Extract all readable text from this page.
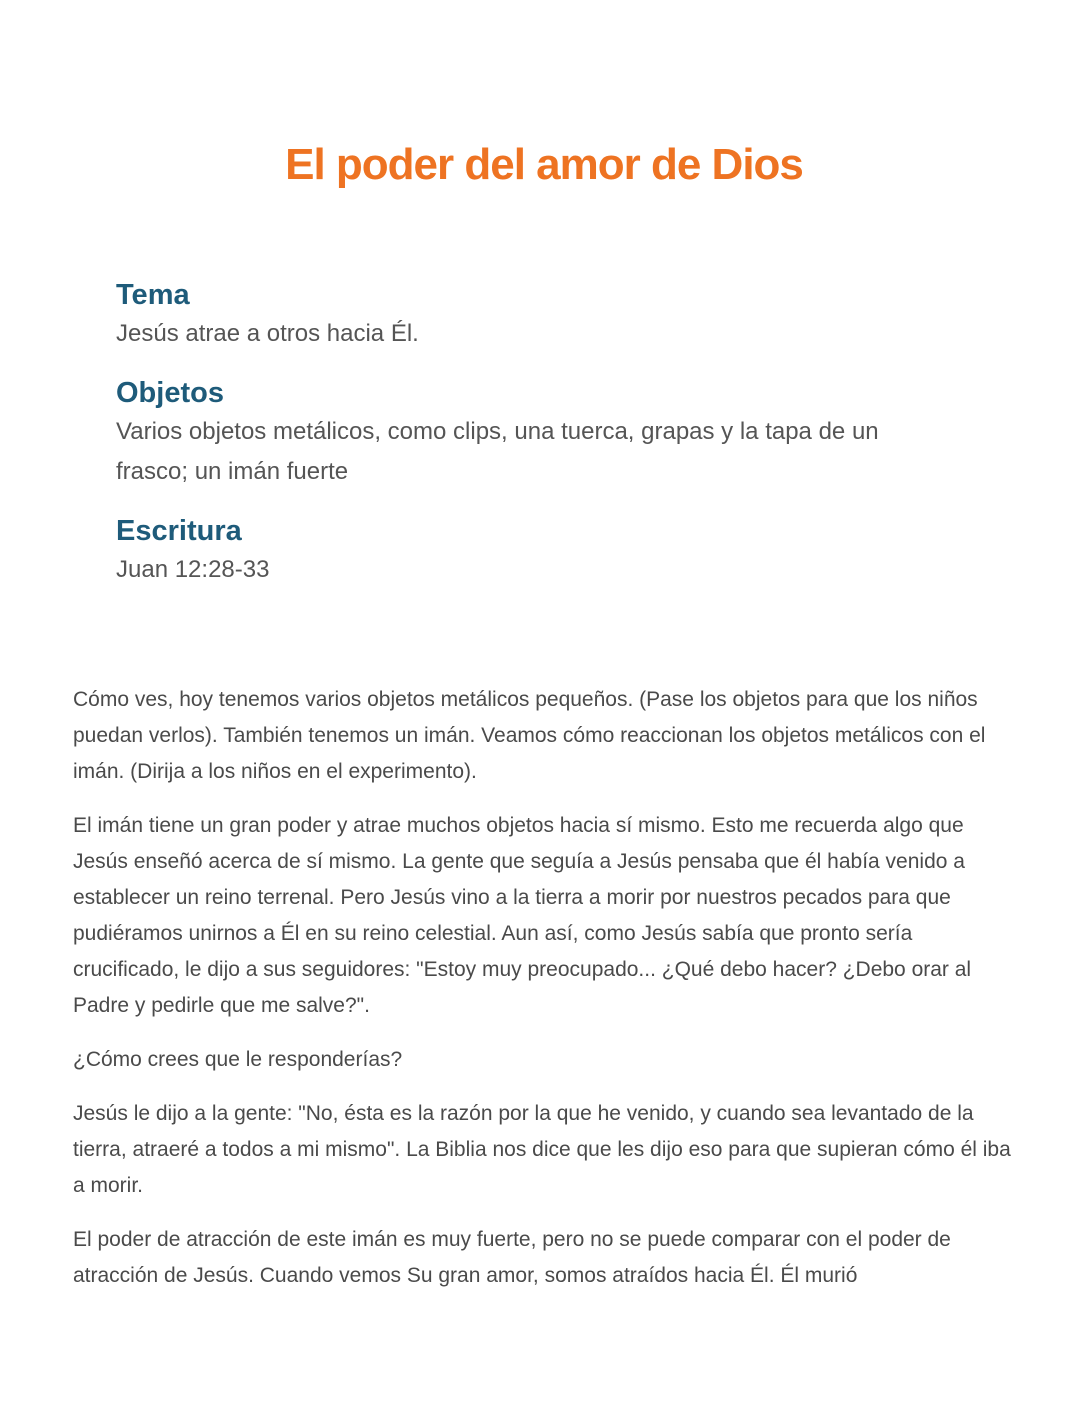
El poder del amor de Dios
Tema

Jesús atrae a otros hacia Él.

Objetos

Varios objetos metálicos, como clips, una tuerca, grapas y la tapa de un frasco; un imán fuerte

Escritura

Juan 12:28-33

Cómo ves, hoy tenemos varios objetos metálicos pequeños. (Pase los objetos para que los niños puedan verlos). También tenemos un imán. Veamos cómo reaccionan los objetos metálicos con el imán. (Dirija a los niños en el experimento).

El imán tiene un gran poder y atrae muchos objetos hacia sí mismo. Esto me recuerda algo que Jesús enseñó acerca de sí mismo. La gente que seguía a Jesús pensaba que él había venido a establecer un reino terrenal. Pero Jesús vino a la tierra a morir por nuestros pecados para que pudiéramos unirnos a Él en su reino celestial. Aun así, como Jesús sabía que pronto sería crucificado, le dijo a sus seguidores: "Estoy muy preocupado... ¿Qué debo hacer? ¿Debo orar al Padre y pedirle que me salve?".

¿Cómo crees que le responderías?

Jesús le dijo a la gente: "No, ésta es la razón por la que he venido, y cuando sea levantado de la tierra, atraeré a todos a mi mismo". La Biblia nos dice que les dijo eso para que supieran cómo él iba a morir.

El poder de atracción de este imán es muy fuerte, pero no se puede comparar con el poder de atracción de Jesús. Cuando vemos Su gran amor, somos atraídos hacia Él. Él murió
